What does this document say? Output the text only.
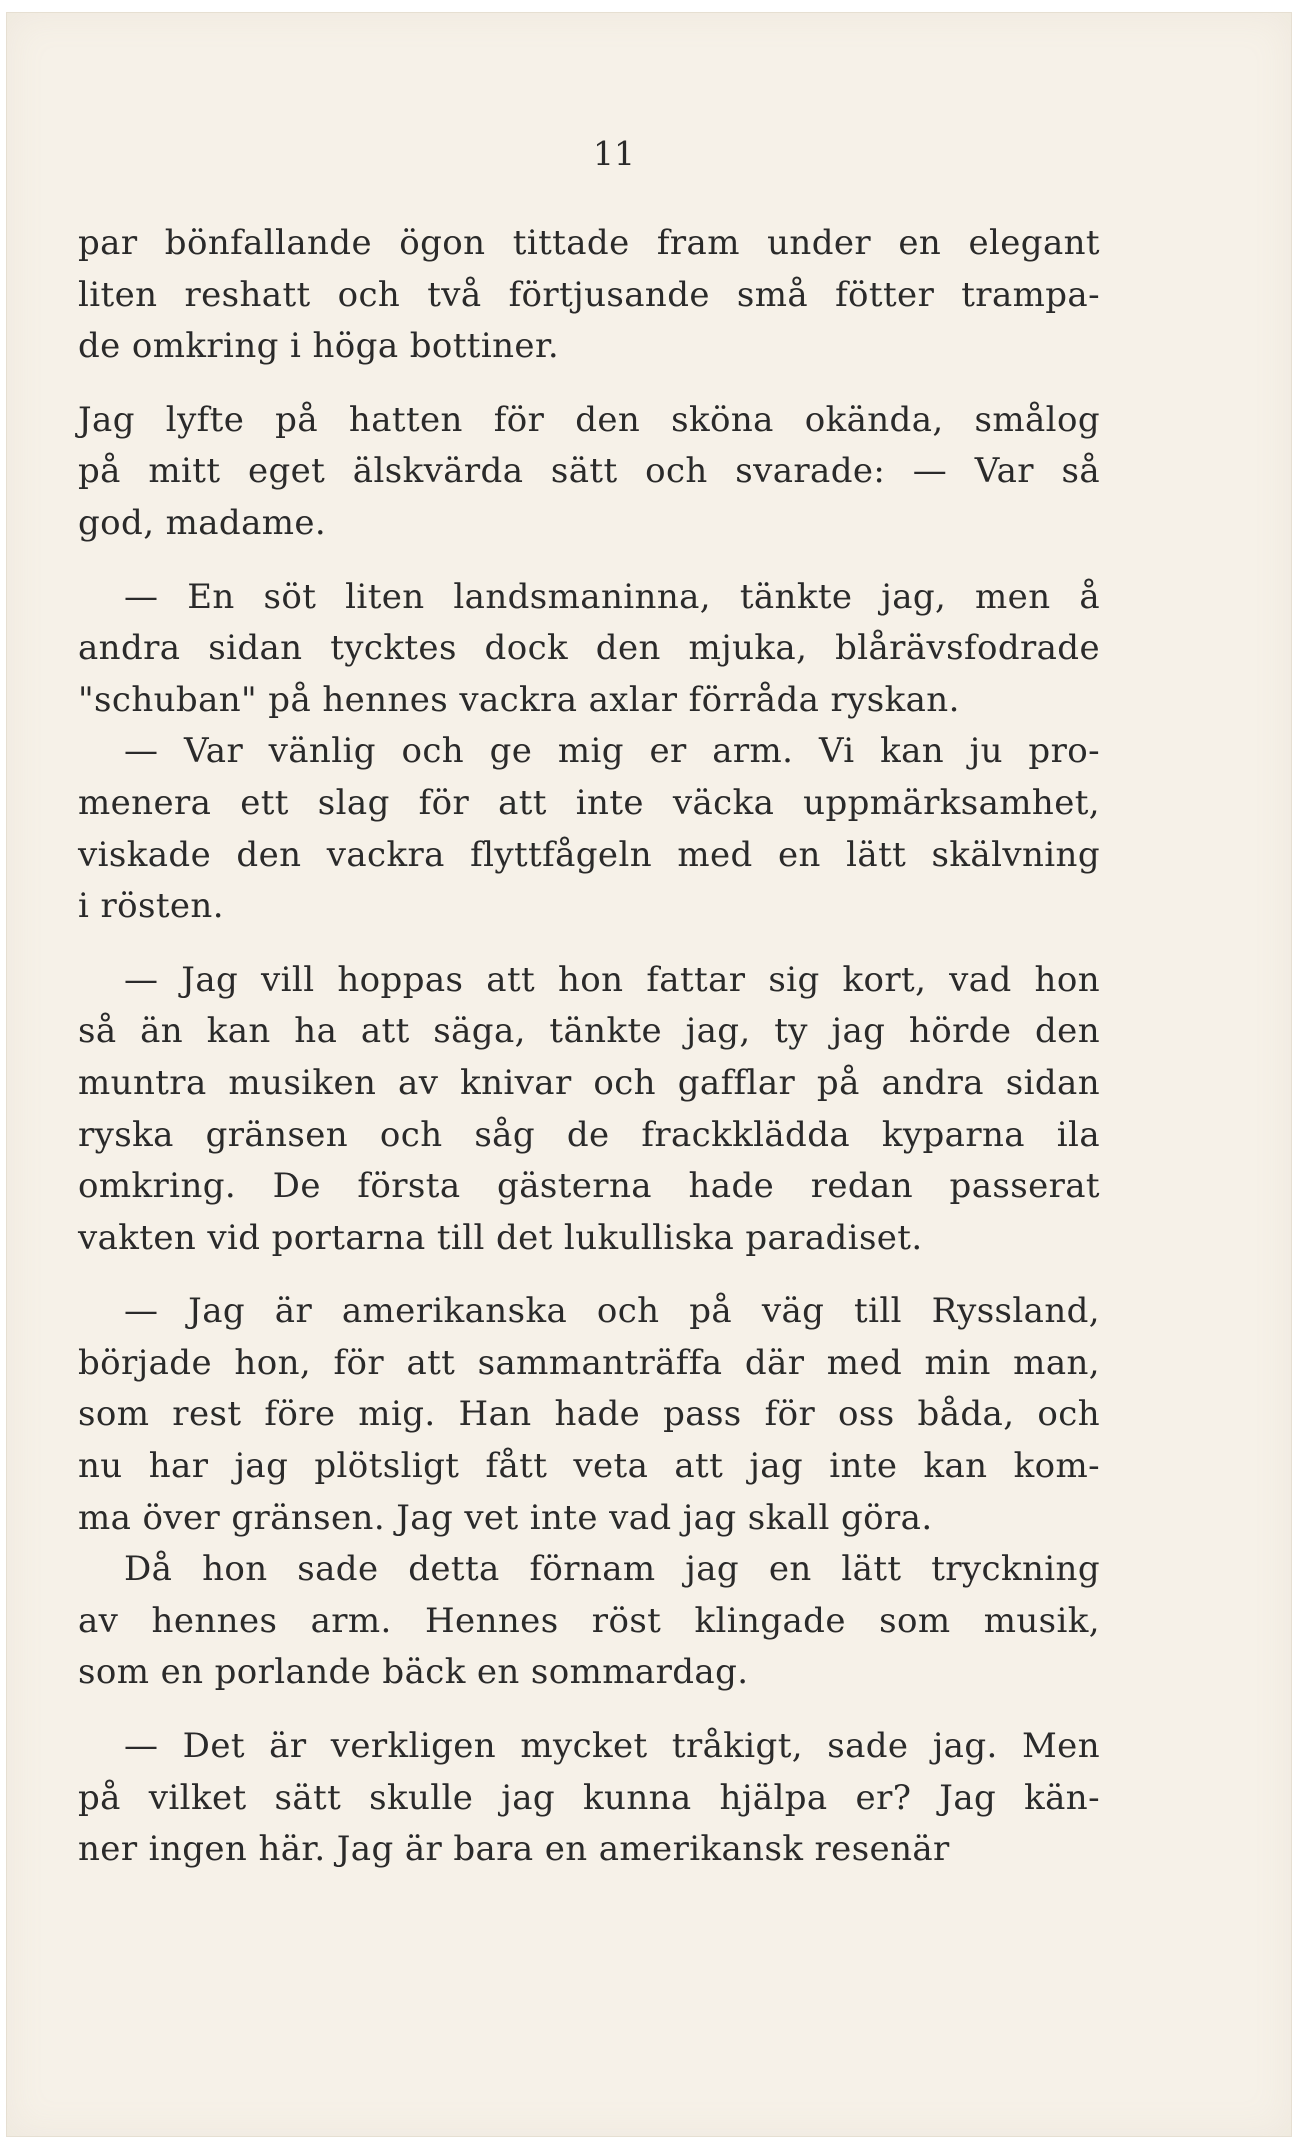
11
par bönfallande ögon tittade fram under en elegant
liten reshatt och två förtjusande små fötter trampa-
de omkring i höga bottiner.
Jag lyfte på hatten för den sköna okända, smålog
på mitt eget älskvärda sätt och svarade: — Var så
god, madame.
— En söt liten landsmaninna, tänkte jag, men å
andra sidan tycktes dock den mjuka, blårävsfodrade
"schuban" på hennes vackra axlar förråda ryskan.
— Var vänlig och ge mig er arm. Vi kan ju pro-
menera ett slag för att inte väcka uppmärksamhet,
viskade den vackra flyttfågeln med en lätt skälvning
i rösten.
— Jag vill hoppas att hon fattar sig kort, vad hon
så än kan ha att säga, tänkte jag, ty jag hörde den
muntra musiken av knivar och gafflar på andra sidan
ryska gränsen och såg de frackklädda kyparna ila
omkring. De första gästerna hade redan passerat
vakten vid portarna till det lukulliska paradiset.
— Jag är amerikanska och på väg till Ryssland,
började hon, för att sammanträffa där med min man,
som rest före mig. Han hade pass för oss båda, och
nu har jag plötsligt fått veta att jag inte kan kom-
ma över gränsen. Jag vet inte vad jag skall göra.
Då hon sade detta förnam jag en lätt tryckning
av hennes arm. Hennes röst klingade som musik,
som en porlande bäck en sommardag.
— Det är verkligen mycket tråkigt, sade jag. Men
på vilket sätt skulle jag kunna hjälpa er? Jag kän-
ner ingen här. Jag är bara en amerikansk resenär
